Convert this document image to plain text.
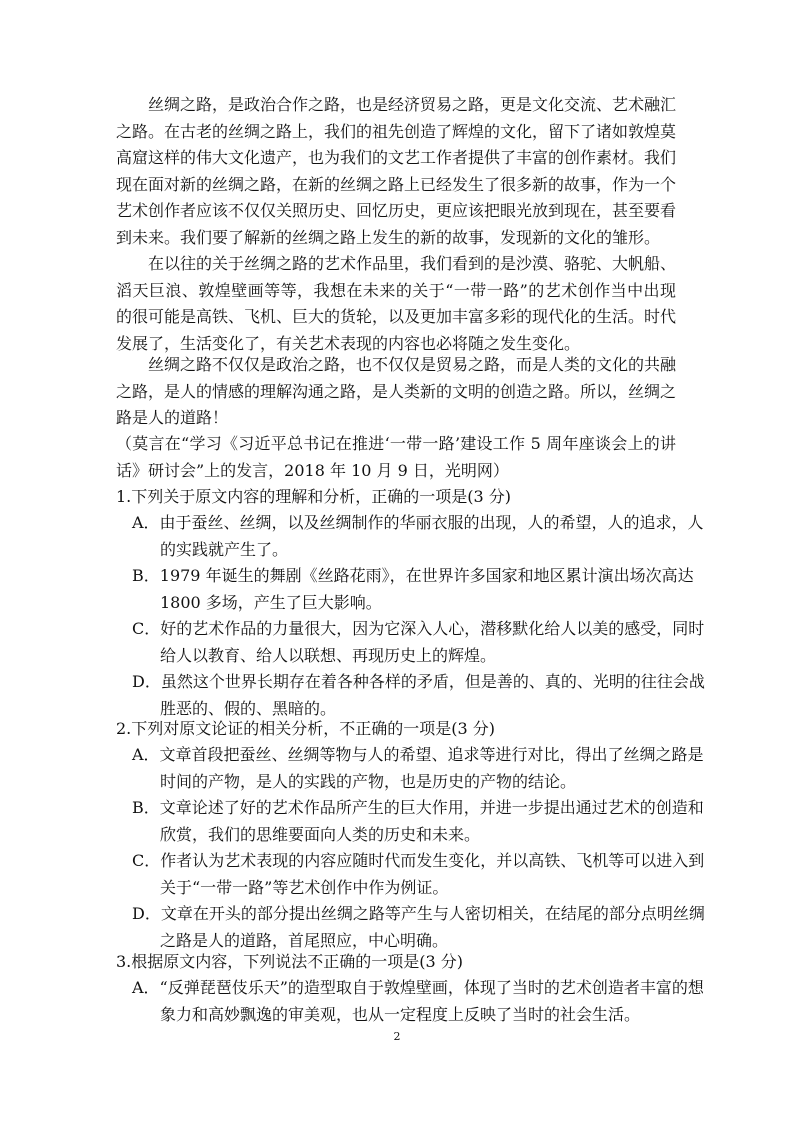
丝绸之路，是政治合作之路，也是经济贸易之路，更是文化交流、艺术融汇之路。在古老的丝绸之路上，我们的祖先创造了辉煌的文化，留下了诸如敦煌莫高窟这样的伟大文化遗产，也为我们的文艺工作者提供了丰富的创作素材。我们现在面对新的丝绸之路，在新的丝绸之路上已经发生了很多新的故事，作为一个艺术创作者应该不仅仅关照历史、回忆历史，更应该把眼光放到现在，甚至要看到未来。我们要了解新的丝绸之路上发生的新的故事，发现新的文化的雏形。

在以往的关于丝绸之路的艺术作品里，我们看到的是沙漠、骆驼、大帆船、滔天巨浪、敦煌壁画等等，我想在未来的关于“一带一路”的艺术创作当中出现的很可能是高铁、飞机、巨大的货轮，以及更加丰富多彩的现代化的生活。时代发展了，生活变化了，有关艺术表现的内容也必将随之发生变化。

丝绸之路不仅仅是政治之路，也不仅仅是贸易之路，而是人类的文化的共融之路，是人的情感的理解沟通之路，是人类新的文明的创造之路。所以，丝绸之路是人的道路！

（莫言在“学习《习近平总书记在推进‘一带一路’建设工作 5 周年座谈会上的讲话》研讨会”上的发言，2018 年 10 月 9 日，光明网）

1.下列关于原文内容的理解和分析，正确的一项是(3 分)

A．由于蚕丝、丝绸，以及丝绸制作的华丽衣服的出现，人的希望，人的追求，人的实践就产生了。

B．1979 年诞生的舞剧《丝路花雨》，在世界许多国家和地区累计演出场次高达 1800 多场，产生了巨大影响。

C．好的艺术作品的力量很大，因为它深入人心，潜移默化给人以美的感受，同时给人以教育、给人以联想、再现历史上的辉煌。

D．虽然这个世界长期存在着各种各样的矛盾，但是善的、真的、光明的往往会战胜恶的、假的、黑暗的。

2.下列对原文论证的相关分析，不正确的一项是(3 分)

A．文章首段把蚕丝、丝绸等物与人的希望、追求等进行对比，得出了丝绸之路是时间的产物，是人的实践的产物，也是历史的产物的结论。

B．文章论述了好的艺术作品所产生的巨大作用，并进一步提出通过艺术的创造和欣赏，我们的思维要面向人类的历史和未来。

C．作者认为艺术表现的内容应随时代而发生变化，并以高铁、飞机等可以进入到关于“一带一路”等艺术创作中作为例证。

D．文章在开头的部分提出丝绸之路等产生与人密切相关，在结尾的部分点明丝绸之路是人的道路，首尾照应，中心明确。

3.根据原文内容，下列说法不正确的一项是(3 分)

A．“反弹琵琶伎乐天”的造型取自于敦煌壁画，体现了当时的艺术创造者丰富的想象力和高妙飘逸的审美观，也从一定程度上反映了当时的社会生活。

2
